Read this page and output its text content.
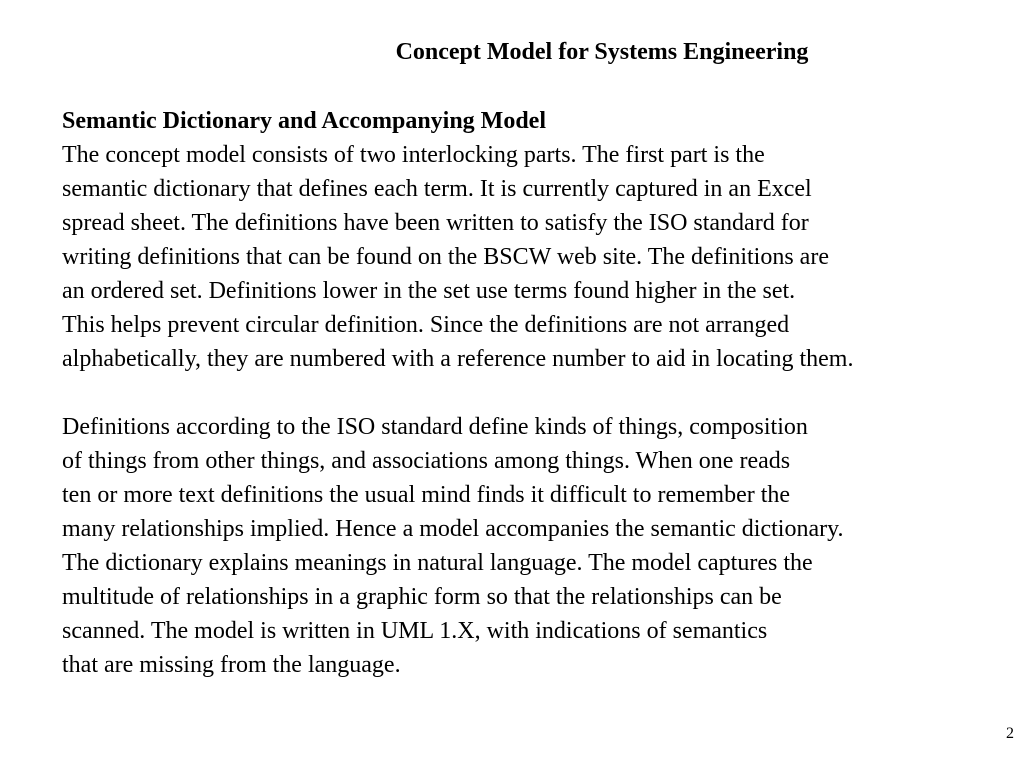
Concept Model for Systems Engineering
Semantic Dictionary and Accompanying Model
The concept model consists of two interlocking parts. The first part is the
semantic dictionary that defines each term. It is currently captured in an Excel
spread sheet. The definitions have been written to satisfy the ISO standard for
writing definitions that can be found on the BSCW web site. The definitions are
an ordered set. Definitions lower in the set use terms found higher in the set.
This helps prevent circular definition. Since the definitions are not arranged
alphabetically, they are numbered with a reference number to aid in locating them.
Definitions according to the ISO standard define kinds of things, composition
of things from other things, and associations among things. When one reads
ten or more text definitions the usual mind finds it difficult to remember the
many relationships implied. Hence a model accompanies the semantic dictionary.
The dictionary explains meanings in natural language. The model captures the
multitude of relationships in a graphic form so that the relationships can be
scanned. The model is written in UML 1.X, with indications of semantics
that are missing from the language.
2
